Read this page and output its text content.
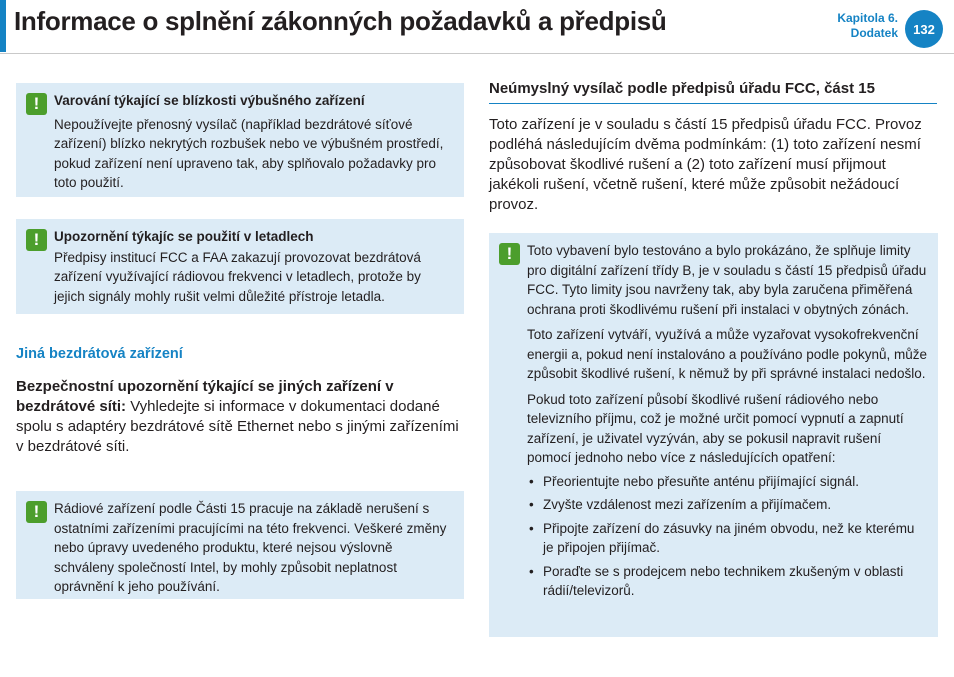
Informace o splnění zákonných požadavků a předpisů	Kapitola 6.
Dodatek	132
!	Varování týkající se blízkosti výbušného zařízení

Nepoužívejte přenosný vysílač (například bezdrátové síťové zařízení) blízko nekrytých rozbušek nebo ve výbušném prostředí, pokud zařízení není upraveno tak, aby splňovalo požadavky pro toto použití.

!	Upozornění týkajíc se použití v letadlech

Předpisy institucí FCC a FAA zakazují provozovat bezdrátová zařízení využívající rádiovou frekvenci v letadlech, protože by jejich signály mohly rušit velmi důležité přístroje letadla.

Jiná bezdrátová zařízení

Bezpečnostní upozornění týkající se jiných zařízení v bezdrátové síti: Vyhledejte si informace v dokumentaci dodané spolu s adaptéry bezdrátové sítě Ethernet nebo s jinými zařízeními v bezdrátové síti.

!	Rádiové zařízení podle Části 15 pracuje na základě nerušení s ostatními zařízeními pracujícími na této frekvenci. Veškeré změny nebo úpravy uvedeného produktu, které nejsou výslovně schváleny společností Intel, by mohly způsobit neplatnost oprávnění k jeho používání.

Neúmyslný vysílač podle předpisů úřadu FCC, část 15

Toto zařízení je v souladu s částí 15 předpisů úřadu FCC. Provoz podléhá následujícím dvěma podmínkám: (1) toto zařízení nesmí způsobovat škodlivé rušení a (2) toto zařízení musí přijmout jakékoli rušení, včetně rušení, které může způsobit nežádoucí provoz.

!	Toto vybavení bylo testováno a bylo prokázáno, že splňuje limity pro digitální zařízení třídy B, je v souladu s částí 15 předpisů úřadu FCC. Tyto limity jsou navrženy tak, aby byla zaručena přiměřená ochrana proti škodlivému rušení při instalaci v obytných zónách.

Toto zařízení vytváří, využívá a může vyzařovat vysokofrekvenční energii a, pokud není instalováno a používáno podle pokynů, může způsobit škodlivé rušení, k němuž by při správné instalaci nedošlo.

Pokud toto zařízení působí škodlivé rušení rádiového nebo televizního příjmu, což je možné určit pomocí vypnutí a zapnutí zařízení, je uživatel vyzýván, aby se pokusil napravit rušení pomocí jednoho nebo více z následujících opatření:

• Přeorientujte nebo přesuňte anténu přijímající signál.
• Zvyšte vzdálenost mezi zařízením a přijímačem.
• Připojte zařízení do zásuvky na jiném obvodu, než ke kterému je připojen přijímač.
• Poraďte se s prodejcem nebo technikem zkušeným v oblasti rádií/televizorů.
